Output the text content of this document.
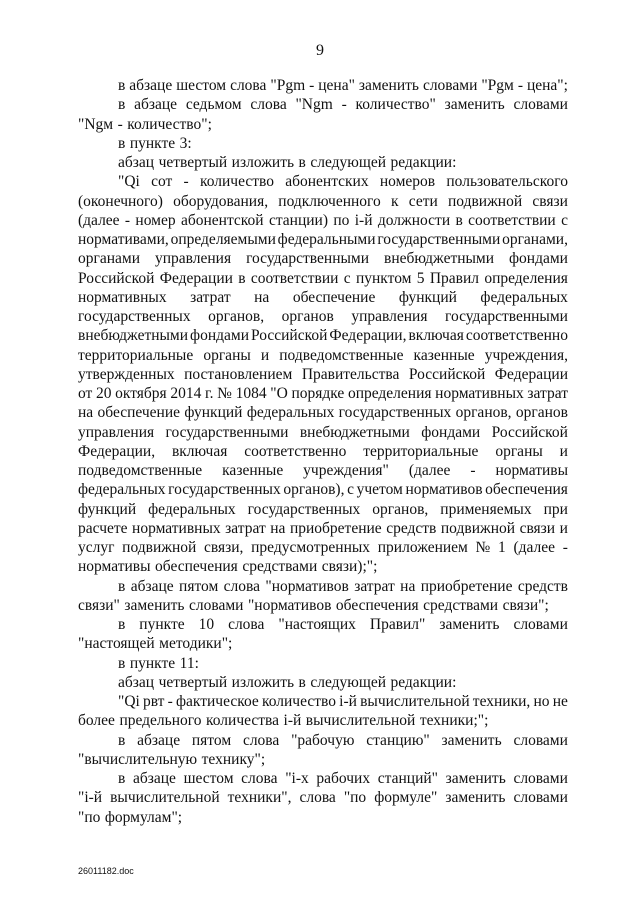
9
в абзаце шестом слова "Pgm - цена" заменить словами "Pgм - цена";
в абзаце седьмом слова "Ngm - количество" заменить словами
"Ngм - количество";
в пункте 3:
абзац четвертый изложить в следующей редакции:
"Qi сот - количество абонентских номеров пользовательского
(оконечного) оборудования, подключенного к сети подвижной связи
(далее - номер абонентской станции) по i-й должности в соответствии с
нормативами, определяемыми федеральными государственными органами,
органами управления государственными внебюджетными фондами
Российской Федерации в соответствии с пунктом 5 Правил определения
нормативных затрат на обеспечение функций федеральных
государственных органов, органов управления государственными
внебюджетными фондами Российской Федерации, включая соответственно
территориальные органы и подведомственные казенные учреждения,
утвержденных постановлением Правительства Российской Федерации
от 20 октября 2014 г. № 1084 "О порядке определения нормативных затрат
на обеспечение функций федеральных государственных органов, органов
управления государственными внебюджетными фондами Российской
Федерации, включая соответственно территориальные органы и
подведомственные казенные учреждения" (далее - нормативы
федеральных государственных органов), с учетом нормативов обеспечения
функций федеральных государственных органов, применяемых при
расчете нормативных затрат на приобретение средств подвижной связи и
услуг подвижной связи, предусмотренных приложением № 1 (далее -
нормативы обеспечения средствами связи);";
в абзаце пятом слова "нормативов затрат на приобретение средств
связи" заменить словами "нормативов обеспечения средствами связи";
в пункте 10 слова "настоящих Правил" заменить словами
"настоящей методики";
в пункте 11:
абзац четвертый изложить в следующей редакции:
"Qi рвт - фактическое количество i-й вычислительной техники, но не
более предельного количества i-й вычислительной техники;";
в абзаце пятом слова "рабочую станцию" заменить словами
"вычислительную технику";
в абзаце шестом слова "i-х рабочих станций" заменить словами
"i-й вычислительной техники", слова "по формуле" заменить словами
"по формулам";
26011182.doc
